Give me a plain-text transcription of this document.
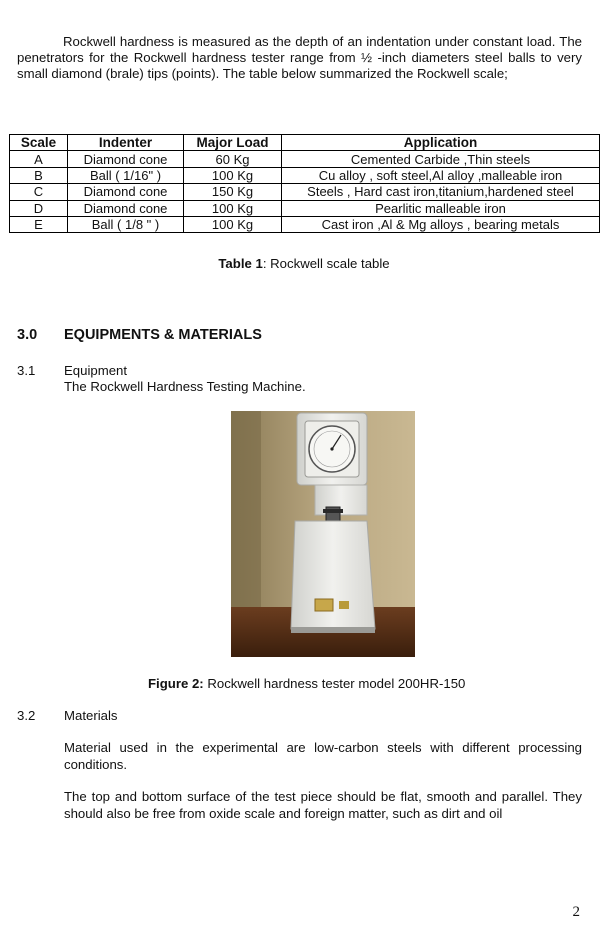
Rockwell hardness is measured as the depth of an indentation under constant load. The penetrators for the Rockwell hardness tester range from ½ -inch diameters steel balls to very small diamond (brale) tips (points). The table below summarized the Rockwell scale;
Scale	Indenter	Major Load	Application
A	Diamond cone	60 Kg	Cemented Carbide ,Thin steels
B	Ball ( 1/16" )	100 Kg	Cu alloy , soft steel,Al alloy ,malleable iron
C	Diamond cone	150 Kg	Steels , Hard cast iron,titanium,hardened steel
D	Diamond cone	100 Kg	Pearlitic malleable iron
E	Ball ( 1/8 " )	100 Kg	Cast iron ,Al & Mg alloys , bearing metals
Table 1: Rockwell scale table
3.0 EQUIPMENTS & MATERIALS
3.1 Equipment
The Rockwell Hardness Testing Machine.
Figure 2: Rockwell hardness tester model 200HR-150
3.2 Materials
Material used in the experimental are low-carbon steels with different processing conditions.
The top and bottom surface of the test piece should be flat, smooth and parallel. They should also be free from oxide scale and foreign matter, such as dirt and oil
2
